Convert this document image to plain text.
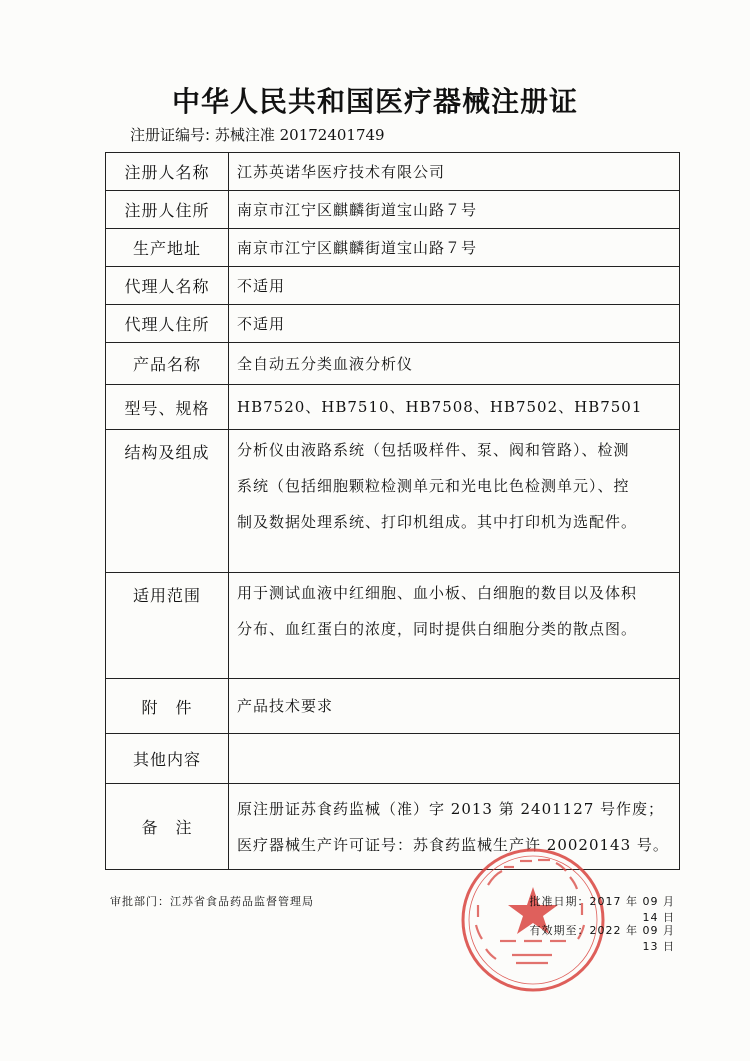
中华人民共和国医疗器械注册证
注册证编号: 苏械注准 20172401749
注册人名称	江苏英诺华医疗技术有限公司

注册人住所	南京市江宁区麒麟街道宝山路７号

生产地址	南京市江宁区麒麟街道宝山路７号

代理人名称	不适用

代理人住所	不适用

产品名称	全自动五分类血液分析仪

型号、规格	HB7520、HB7510、HB7508、HB7502、HB7501

结构及组成	分析仪由液路系统（包括吸样件、泵、阀和管路）、检测
系统（包括细胞颗粒检测单元和光电比色检测单元）、控
制及数据处理系统、打印机组成。其中打印机为选配件。

适用范围	用于测试血液中红细胞、血小板、白细胞的数目以及体积
分布、血红蛋白的浓度，同时提供白细胞分类的散点图。

附　件	产品技术要求

其他内容	

备　注	原注册证苏食药监械（准）字 2013 第 2401127 号作废；
医疗器械生产许可证号：苏食药监械生产许 20020143 号。
审批部门：江苏省食品药品监督管理局	批准日期：2017 年 09 月 14 日
有效期至：2022 年 09 月 13 日
